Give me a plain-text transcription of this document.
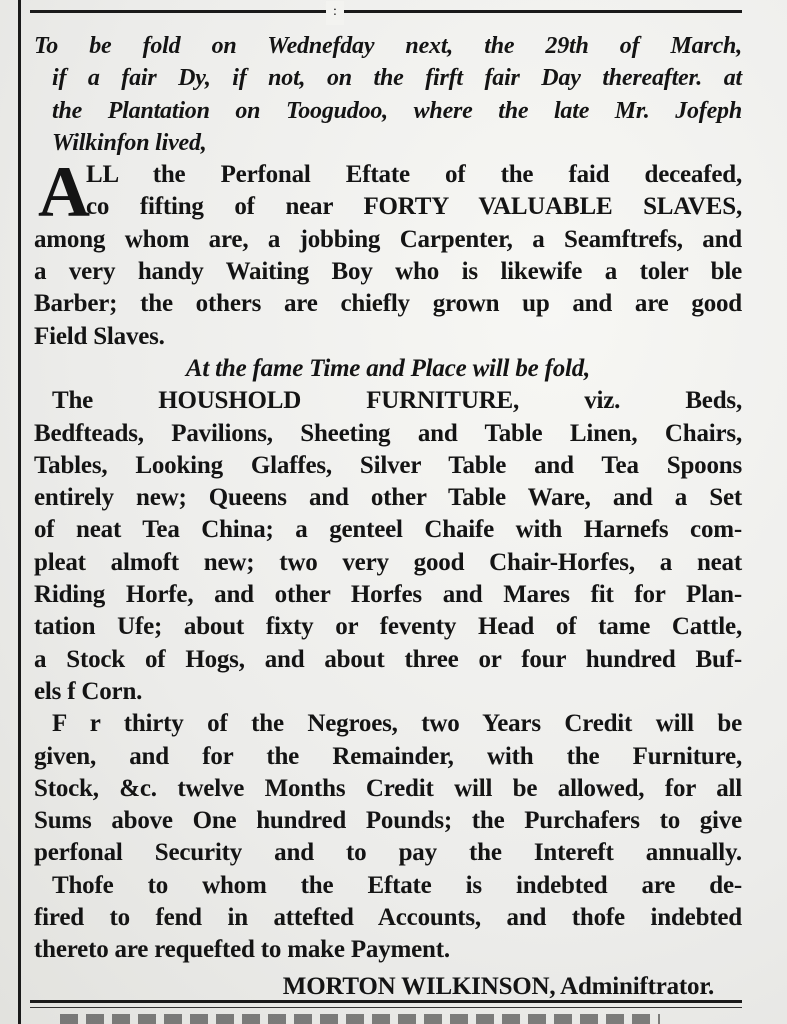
:
To be fold on Wednefday next, the 29th of March,
if a fair Dy, if not, on the firft fair Day thereafter. at
the Plantation on Toogudoo, where the late Mr. Jofeph
Wilkinfon lived,
A
LL the Perfonal Eftate of the faid deceafed,
co fifting of near FORTY VALUABLE SLAVES,
among whom are, a jobbing Carpenter, a Seamftrefs, and
a very handy Waiting Boy who is likewife a toler ble
Barber; the others are chiefly grown up and are good
Field Slaves.
At the fame Time and Place will be fold,
The HOUSHOLD FURNITURE, viz. Beds,
Bedfteads, Pavilions, Sheeting and Table Linen, Chairs,
Tables, Looking Glaffes, Silver Table and Tea Spoons
entirely new; Queens and other Table Ware, and a Set
of neat Tea China; a genteel Chaife with Harnefs com-
pleat almoft new; two very good Chair-Horfes, a neat
Riding Horfe, and other Horfes and Mares fit for Plan-
tation Ufe; about fixty or feventy Head of tame Cattle,
a Stock of Hogs, and about three or four hundred Buf-
els f Corn.
F r thirty of the Negroes, two Years Credit will be
given, and for the Remainder, with the Furniture,
Stock, &c. twelve Months Credit will be allowed, for all
Sums above One hundred Pounds; the Purchafers to give
perfonal Security and to pay the Intereft annually.
Thofe to whom the Eftate is indebted are de-
fired to fend in attefted Accounts, and thofe indebted
thereto are requefted to make Payment.
MORTON WILKINSON, Adminiftrator.
